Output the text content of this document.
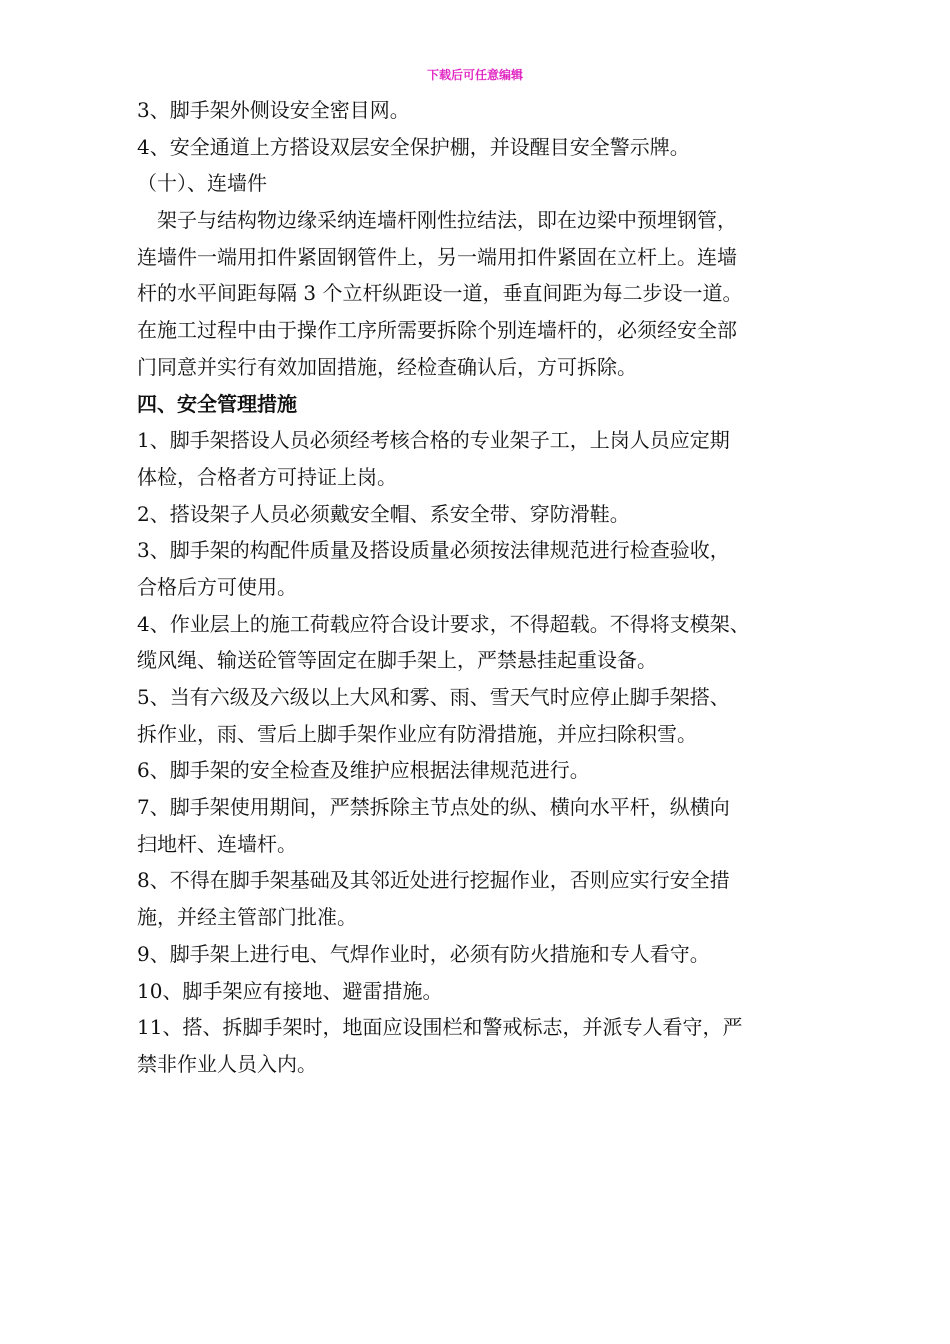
下载后可任意编辑
3、脚手架外侧设安全密目网。
4、安全通道上方搭设双层安全保护棚，并设醒目安全警示牌。
（十）、连墙件
架子与结构物边缘采纳连墙杆刚性拉结法，即在边梁中预埋钢管，
连墙件一端用扣件紧固钢管件上，另一端用扣件紧固在立杆上。连墙
杆的水平间距每隔 3 个立杆纵距设一道，垂直间距为每二步设一道。
在施工过程中由于操作工序所需要拆除个别连墙杆的，必须经安全部
门同意并实行有效加固措施，经检查确认后，方可拆除。
四、安全管理措施
1、脚手架搭设人员必须经考核合格的专业架子工，上岗人员应定期
体检，合格者方可持证上岗。
2、搭设架子人员必须戴安全帽、系安全带、穿防滑鞋。
3、脚手架的构配件质量及搭设质量必须按法律规范进行检查验收，
合格后方可使用。
4、作业层上的施工荷载应符合设计要求，不得超载。不得将支模架、
缆风绳、输送砼管等固定在脚手架上，严禁悬挂起重设备。
5、当有六级及六级以上大风和雾、雨、雪天气时应停止脚手架搭、
拆作业，雨、雪后上脚手架作业应有防滑措施，并应扫除积雪。
6、脚手架的安全检查及维护应根据法律规范进行。
7、脚手架使用期间，严禁拆除主节点处的纵、横向水平杆，纵横向
扫地杆、连墙杆。
8、不得在脚手架基础及其邻近处进行挖掘作业，否则应实行安全措
施，并经主管部门批准。
9、脚手架上进行电、气焊作业时，必须有防火措施和专人看守。
10、脚手架应有接地、避雷措施。
11、搭、拆脚手架时，地面应设围栏和警戒标志，并派专人看守，严
禁非作业人员入内。
